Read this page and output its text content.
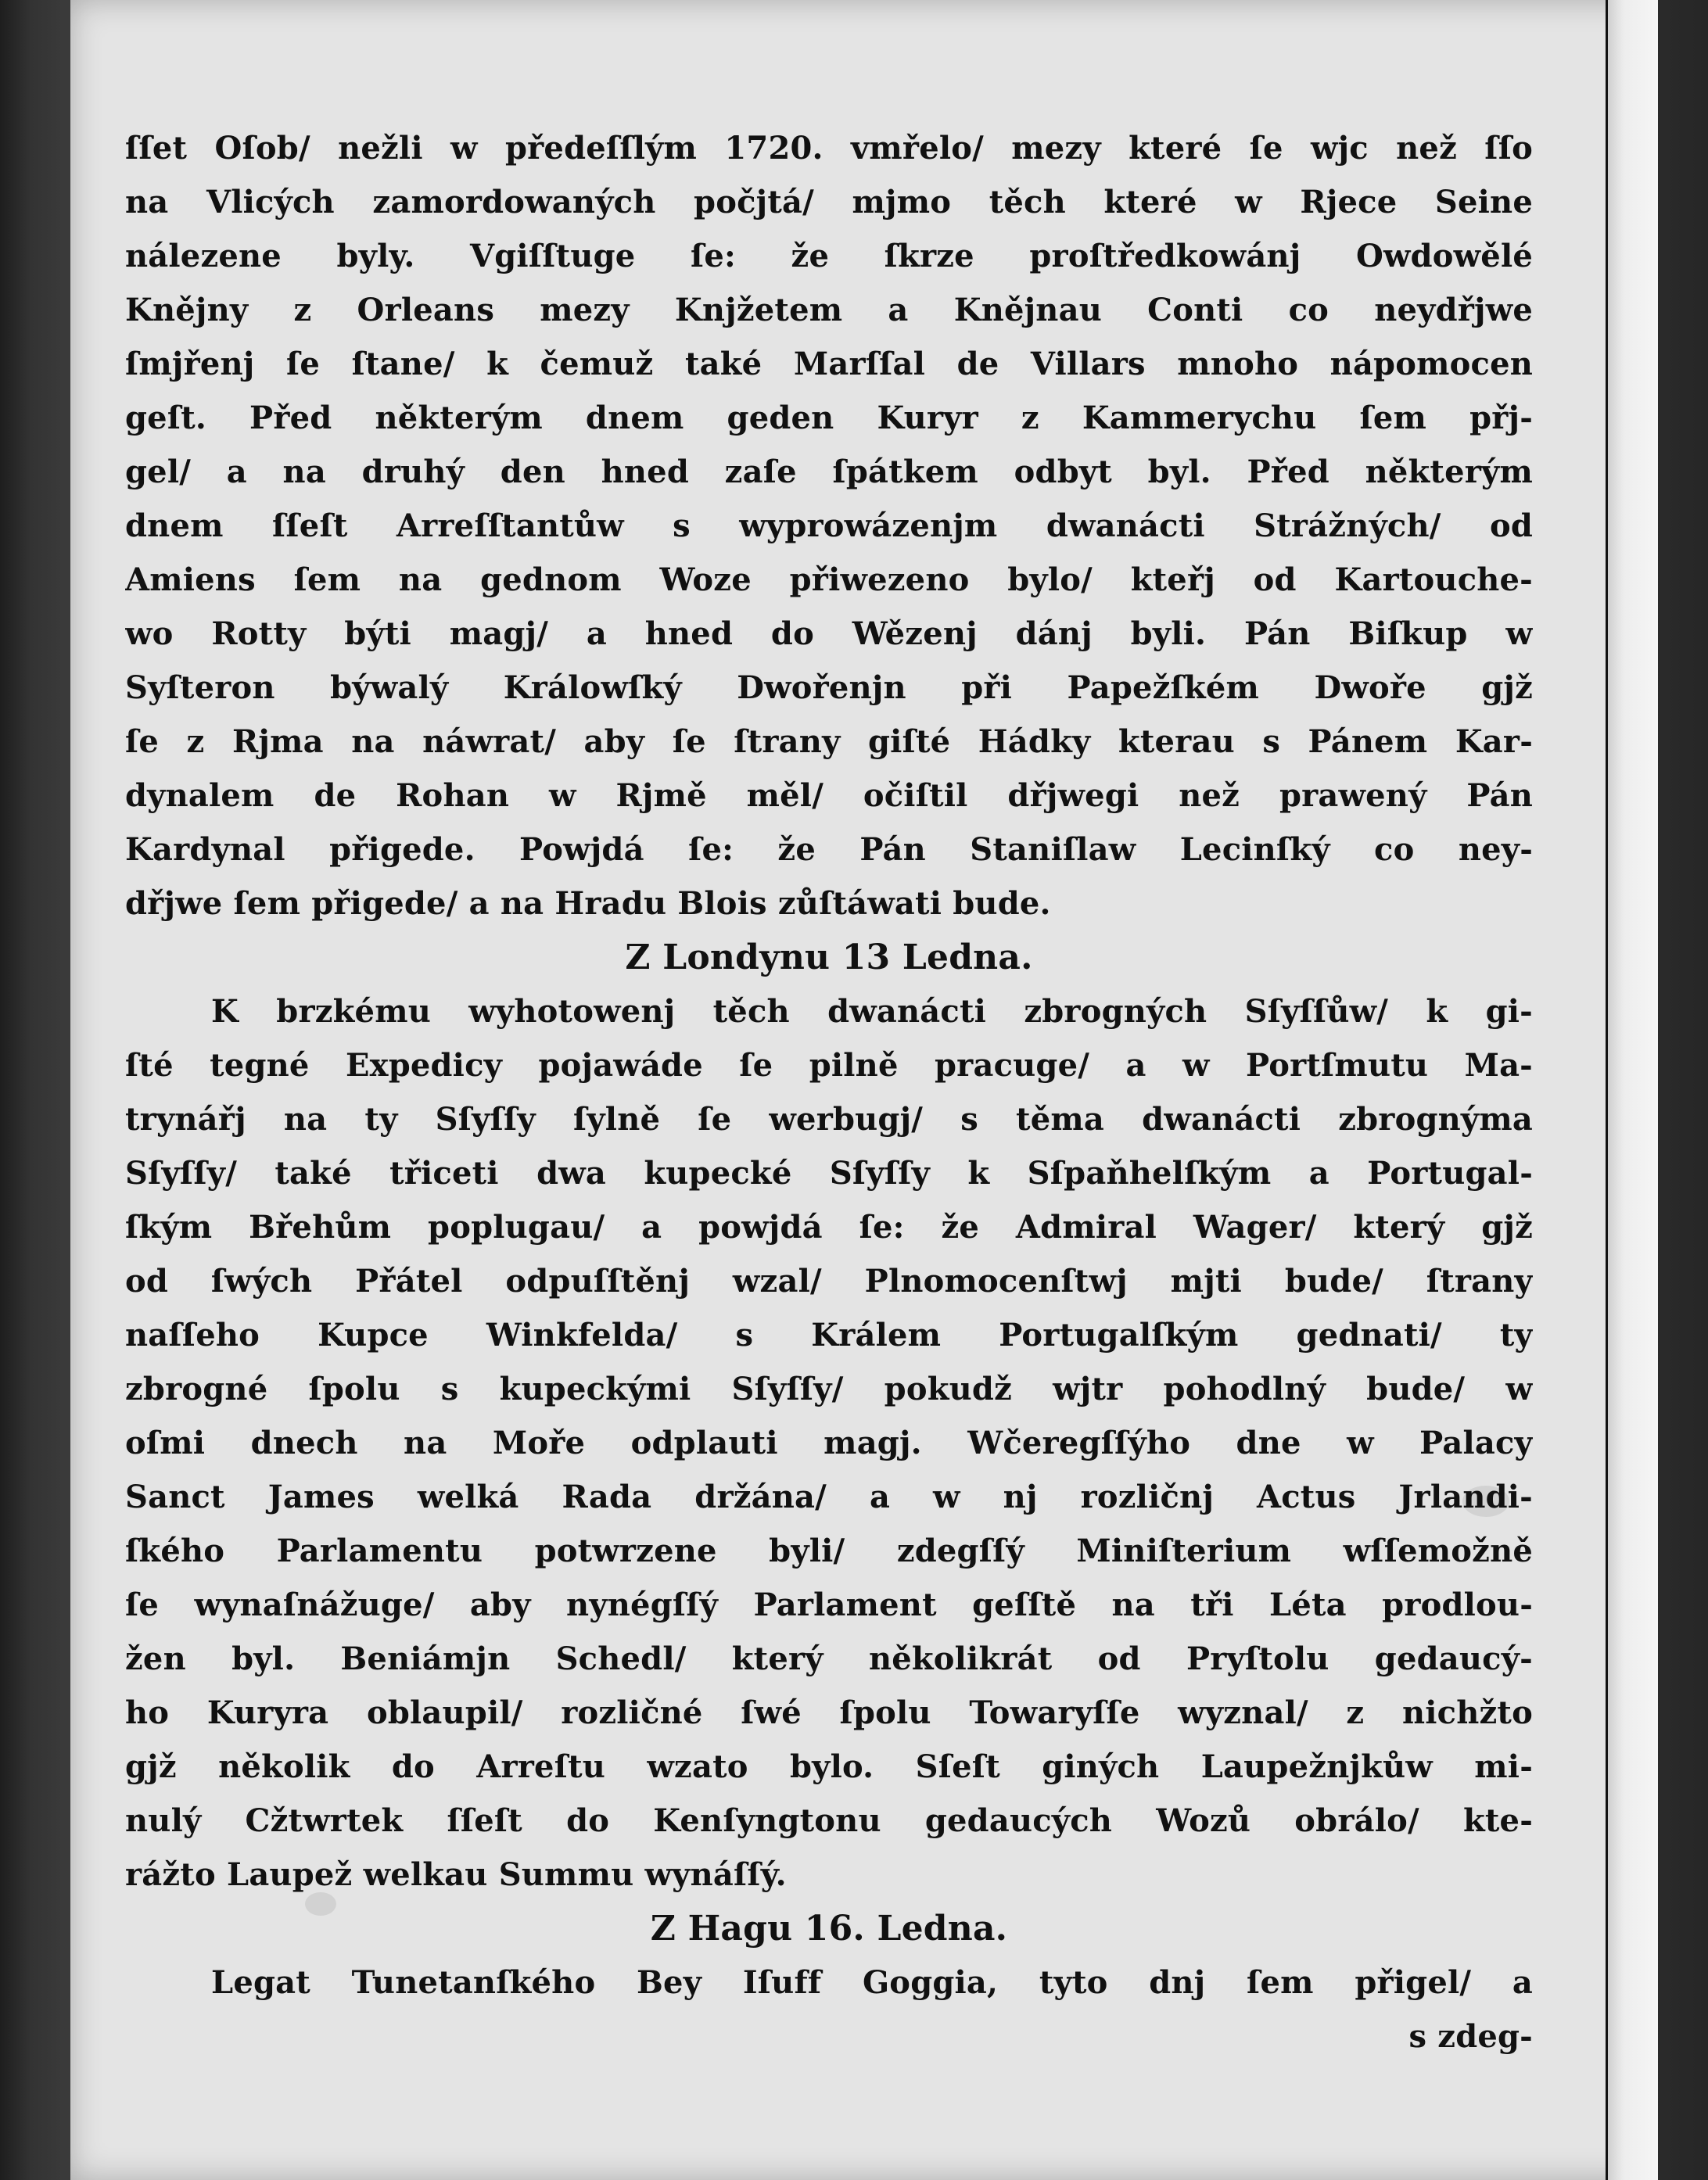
ſſet Oſob/ nežli w předeſſlým 1720. vmřelo/ mezy které ſe wjc než ſſo
na Vlicých zamordowaných počjtá/ mjmo těch které w Rjece Seine
nálezene byly. Vgiſſtuge ſe: že ſkrze proſtředkowánj Owdowělé
Knějny z Orleans mezy Knjžetem a Knějnau Conti co neydřjwe
ſmjřenj ſe ſtane/ k čemuž také Marſſal de Villars mnoho nápomocen
geſt. Před některým dnem geden Kuryr z Kammerychu ſem přj-
gel/ a na druhý den hned zaſe ſpátkem odbyt byl. Před některým
dnem ſſeſt Arreſſtantůw s wyprowázenjm dwanácti Strážných/ od
Amiens ſem na gednom Woze přiwezeno bylo/ kteřj od Kartouche-
wo Rotty býti magj/ a hned do Wězenj dánj byli. Pán Biſkup w
Syſteron býwalý Králowſký Dwořenjn při Papežſkém Dwoře gjž
ſe z Rjma na náwrat/ aby ſe ſtrany giſté Hádky kterau s Pánem Kar-
dynalem de Rohan w Rjmě měl/ očiſtil dřjwegi než prawený Pán
Kardynal přigede. Powjdá ſe: že Pán Staniſlaw Lecinſký co ney-
dřjwe ſem přigede/ a na Hradu Blois zůſtáwati bude.
Z Londynu 13 Ledna.
K brzkému wyhotowenj těch dwanácti zbrogných Sſyſſůw/ k gi-
ſté tegné Expedicy pojawáde ſe pilně pracuge/ a w Portſmutu Ma-
trynářj na ty Sſyſſy ſylně ſe werbugj/ s těma dwanácti zbrognýma
Sſyſſy/ také třiceti dwa kupecké Sſyſſy k Sſpaňhelſkým a Portugal-
ſkým Břehům poplugau/ a powjdá ſe: že Admiral Wager/ který gjž
od ſwých Přátel odpuſſtěnj wzal/ Plnomocenſtwj mjti bude/ ſtrany
naſſeho Kupce Winkfelda/ s Králem Portugalſkým gednati/ ty
zbrogné ſpolu s kupeckými Sſyſſy/ pokudž wjtr pohodlný bude/ w
oſmi dnech na Moře odplauti magj. Wčeregſſýho dne w Palacy
Sanct James welká Rada držána/ a w nj rozličnj Actus Jrlandi-
ſkého Parlamentu potwrzene byli/ zdegſſý Miniſterium wſſemožně
ſe wynaſnážuge/ aby nynégſſý Parlament geſſtě na tři Léta prodlou-
žen byl. Beniámjn Schedl/ který několikrát od Pryſtolu gedaucý-
ho Kuryra oblaupil/ rozličné ſwé ſpolu Towaryſſe wyznal/ z nichžto
gjž několik do Arreſtu wzato bylo. Sſeſt giných Laupežnjkůw mi-
nulý Cžtwrtek ſſeſt do Kenſyngtonu gedaucých Wozů obrálo/ kte-
rážto Laupež welkau Summu wynáſſý.
Z Hagu 16. Ledna.
Legat Tunetanſkého Bey Iſuff Goggia, tyto dnj ſem přigel/ a
s zdeg-
